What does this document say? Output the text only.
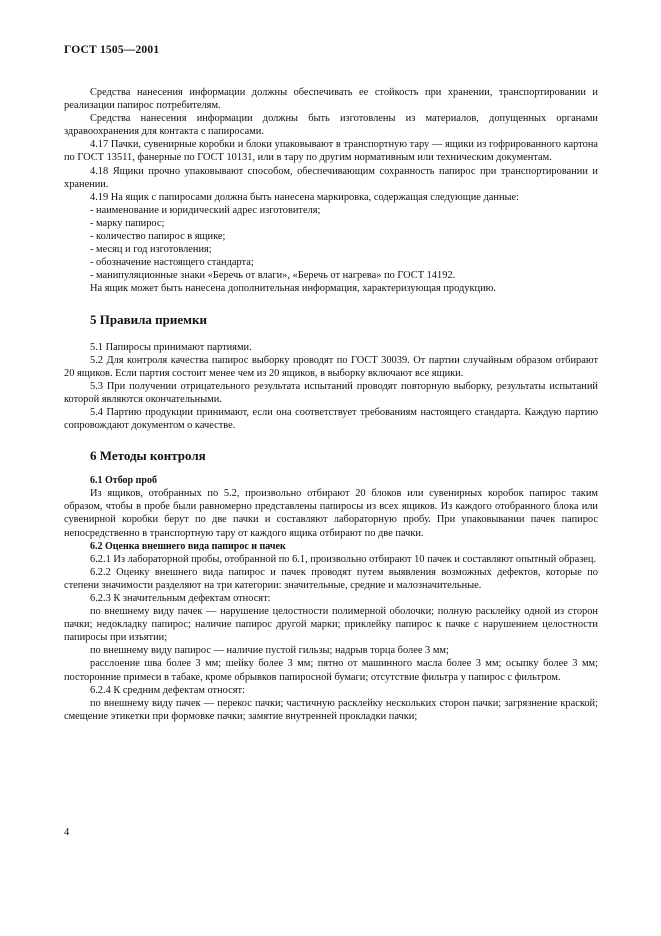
ГОСТ 1505—2001

Средства нанесения информации должны обеспечивать ее стойкость при хранении, транспортировании и реализации папирос потребителям.

Средства нанесения информации должны быть изготовлены из материалов, допущенных органами здравоохранения для контакта с папиросами.

4.17 Пачки, сувенирные коробки и блоки упаковывают в транспортную тару — ящики из гофрированного картона по ГОСТ 13511, фанерные по ГОСТ 10131, или в тару по другим нормативным или техническим документам.

4.18 Ящики прочно упаковывают способом, обеспечивающим сохранность папирос при транспортировании и хранении.

4.19 На ящик с папиросами должна быть нанесена маркировка, содержащая следующие данные:

- наименование и юридический адрес изготовителя;

- марку папирос;

- количество папирос в ящике;

- месяц и год изготовления;

- обозначение настоящего стандарта;

- манипуляционные знаки «Беречь от влаги», «Беречь от нагрева» по ГОСТ 14192.

На ящик может быть нанесена дополнительная информация, характеризующая продукцию.

5 Правила приемки

5.1 Папиросы принимают партиями.

5.2 Для контроля качества папирос выборку проводят по ГОСТ 30039. От партии случайным образом отбирают 20 ящиков. Если партия состоит менее чем из 20 ящиков, в выборку включают все ящики.

5.3 При получении отрицательного результата испытаний проводят повторную выборку, результаты испытаний которой являются окончательными.

5.4 Партию продукции принимают, если она соответствует требованиям настоящего стандарта. Каждую партию сопровождают документом о качестве.

6 Методы контроля

6.1 Отбор проб

Из ящиков, отобранных по 5.2, произвольно отбирают 20 блоков или сувенирных коробок папирос таким образом, чтобы в пробе были равномерно представлены папиросы из всех ящиков. Из каждого отобранного блока или сувенирной коробки берут по две пачки и составляют лабораторную пробу. При упаковывании пачек папирос непосредственно в транспортную тару от каждого ящика отбирают по две пачки.

6.2 Оценка внешнего вида папирос и пачек

6.2.1 Из лабораторной пробы, отобранной по 6.1, произвольно отбирают 10 пачек и составляют опытный образец.

6.2.2 Оценку внешнего вида папирос и пачек проводят путем выявления возможных дефектов, которые по степени значимости разделяют на три категории: значительные, средние и малозначительные.

6.2.3 К значительным дефектам относят:

по внешнему виду пачек — нарушение целостности полимерной оболочки; полную расклейку одной из сторон пачки; недокладку папирос; наличие папирос другой марки; приклейку папирос к пачке с нарушением целостности папиросы при изъятии;

по внешнему виду папирос — наличие пустой гильзы; надрыв торца более 3 мм;

расслоение шва более 3 мм; шейку более 3 мм; пятно от машинного масла более 3 мм; осыпку более 3 мм; посторонние примеси в табаке, кроме обрывков папиросной бумаги; отсутствие фильтра у папирос с фильтром.

6.2.4 К средним дефектам относят:

по внешнему виду пачек — перекос пачки; частичную расклейку нескольких сторон пачки; загрязнение краской; смещение этикетки при формовке пачки; замятие внутренней прокладки пачки;

4
